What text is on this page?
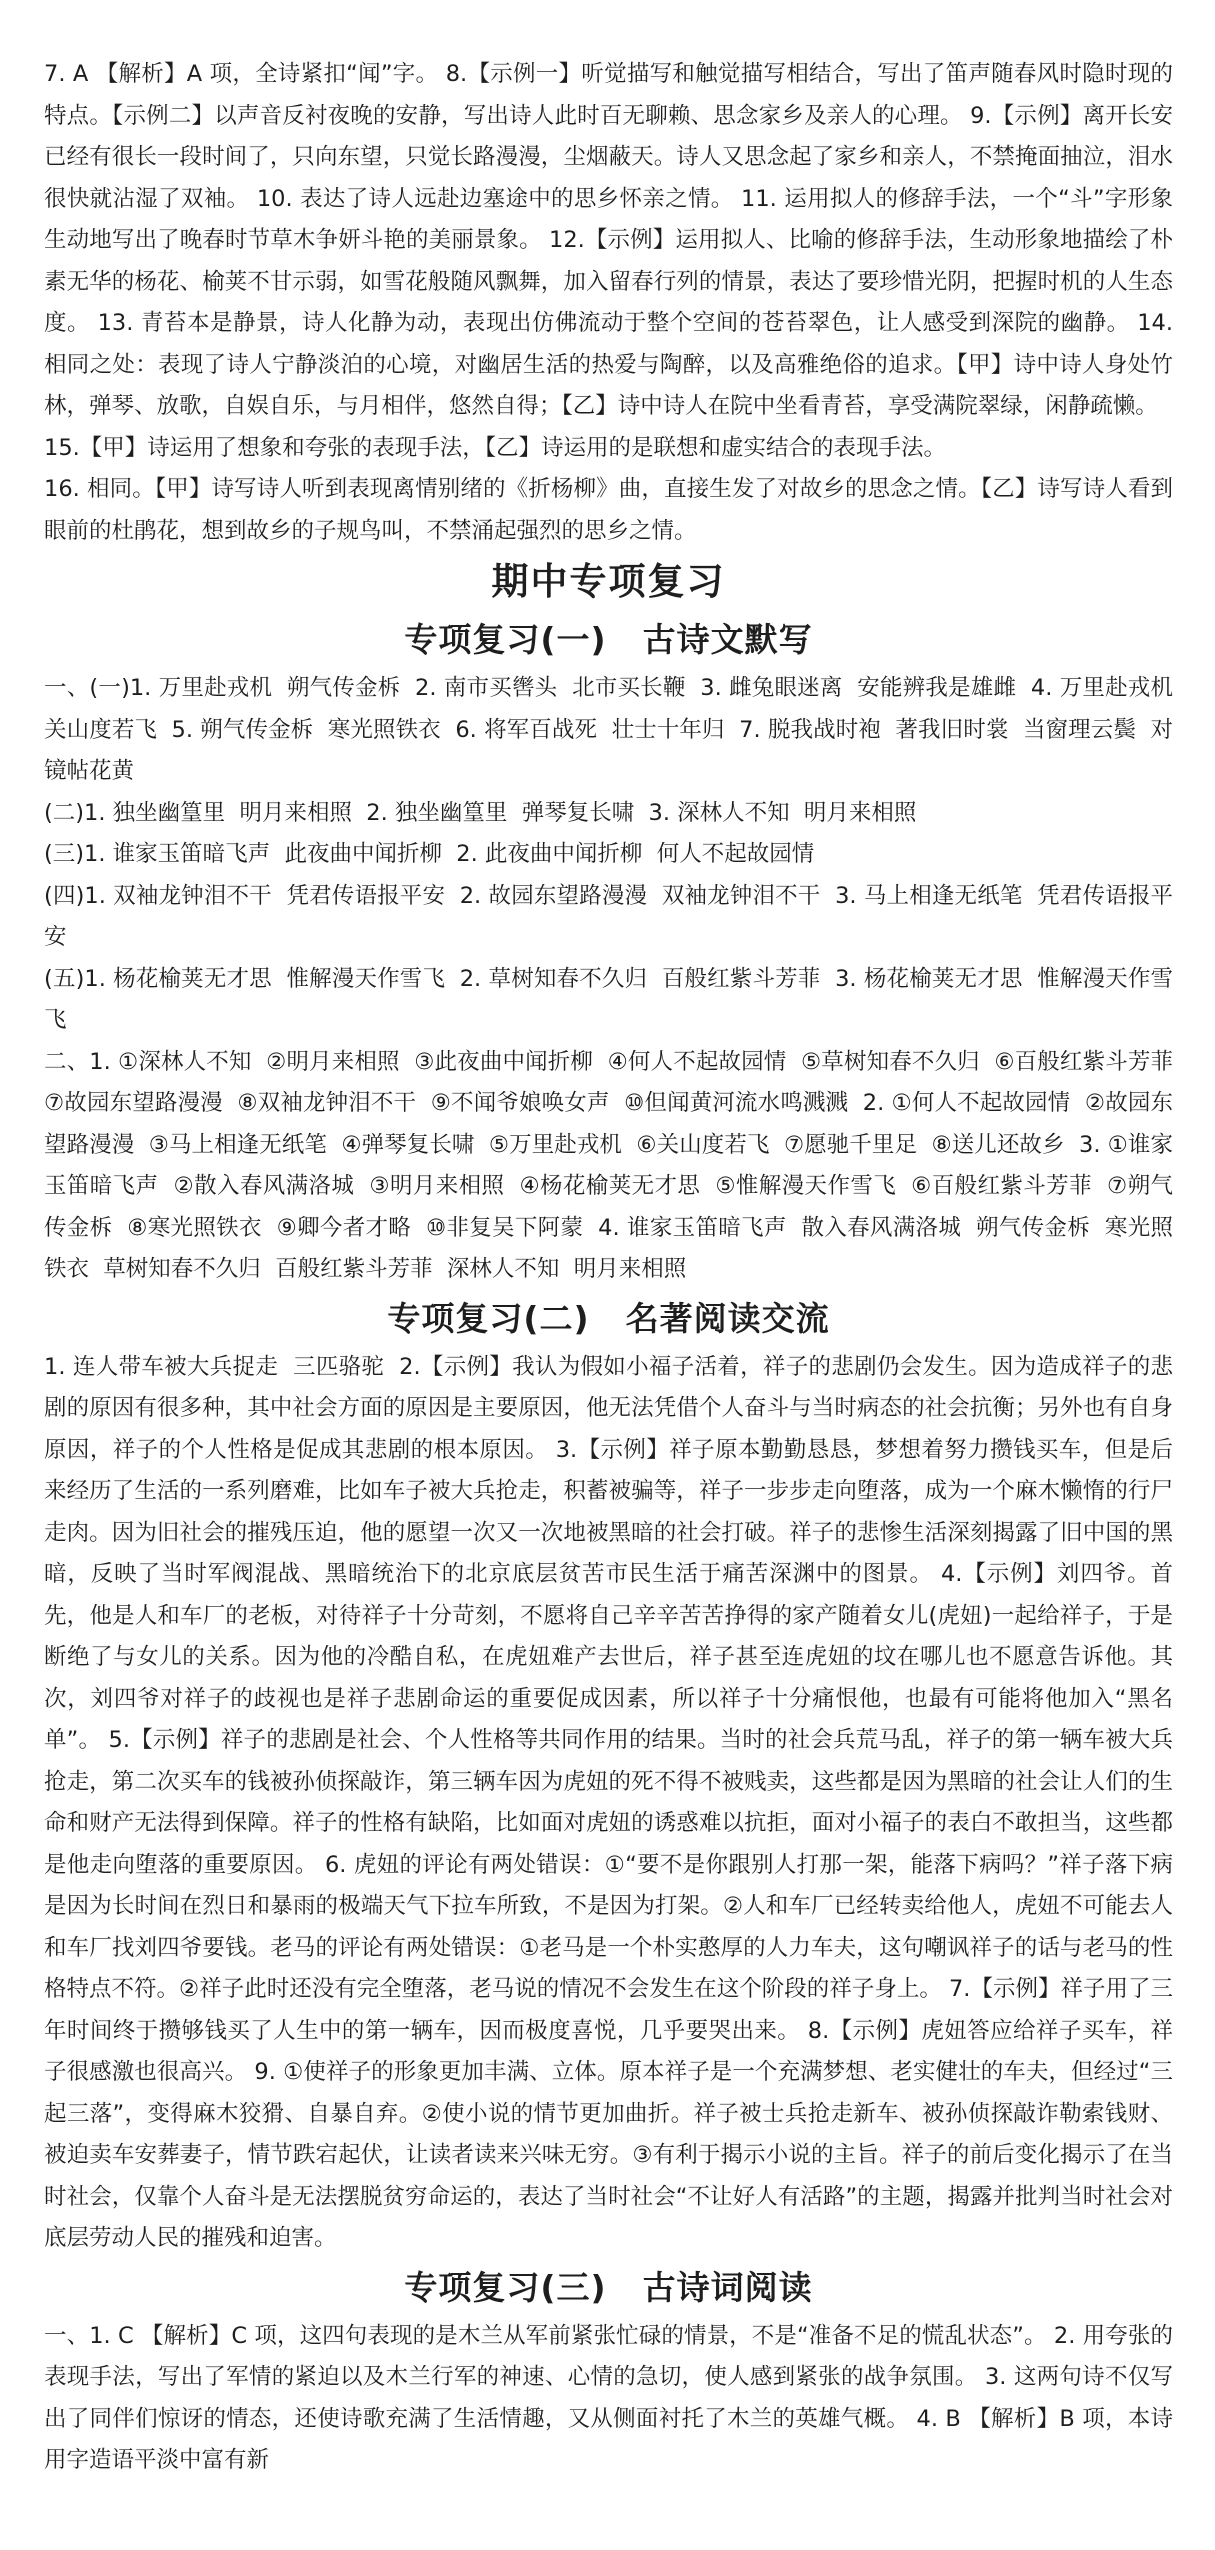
7. A 【解析】A 项，全诗紧扣“闻”字。 8.【示例一】听觉描写和触觉描写相结合，写出了笛声随春风时隐时现的特点。【示例二】以声音反衬夜晚的安静，写出诗人此时百无聊赖、思念家乡及亲人的心理。 9.【示例】离开长安已经有很长一段时间了，只向东望，只觉长路漫漫，尘烟蔽天。诗人又思念起了家乡和亲人，不禁掩面抽泣，泪水很快就沾湿了双袖。 10. 表达了诗人远赴边塞途中的思乡怀亲之情。 11. 运用拟人的修辞手法，一个“斗”字形象生动地写出了晚春时节草木争妍斗艳的美丽景象。 12.【示例】运用拟人、比喻的修辞手法，生动形象地描绘了朴素无华的杨花、榆荚不甘示弱，如雪花般随风飘舞，加入留春行列的情景，表达了要珍惜光阴，把握时机的人生态度。 13. 青苔本是静景，诗人化静为动，表现出仿佛流动于整个空间的苍苔翠色，让人感受到深院的幽静。 14. 相同之处：表现了诗人宁静淡泊的心境，对幽居生活的热爱与陶醉，以及高雅绝俗的追求。【甲】诗中诗人身处竹林，弹琴、放歌，自娱自乐，与月相伴，悠然自得；【乙】诗中诗人在院中坐看青苔，享受满院翠绿，闲静疏懒。
15.【甲】诗运用了想象和夸张的表现手法，【乙】诗运用的是联想和虚实结合的表现手法。
16. 相同。【甲】诗写诗人听到表现离情别绪的《折杨柳》曲，直接生发了对故乡的思念之情。【乙】诗写诗人看到眼前的杜鹃花，想到故乡的子规鸟叫，不禁涌起强烈的思乡之情。
期中专项复习
专项复习(一) 古诗文默写
一、(一)1. 万里赴戎机  朔气传金柝  2. 南市买辔头  北市买长鞭  3. 雌兔眼迷离  安能辨我是雄雌  4. 万里赴戎机  关山度若飞  5. 朔气传金柝  寒光照铁衣  6. 将军百战死  壮士十年归  7. 脱我战时袍  著我旧时裳  当窗理云鬓  对镜帖花黄
(二)1. 独坐幽篁里  明月来相照  2. 独坐幽篁里  弹琴复长啸  3. 深林人不知  明月来相照
(三)1. 谁家玉笛暗飞声  此夜曲中闻折柳  2. 此夜曲中闻折柳  何人不起故园情
(四)1. 双袖龙钟泪不干  凭君传语报平安  2. 故园东望路漫漫  双袖龙钟泪不干  3. 马上相逢无纸笔  凭君传语报平安
(五)1. 杨花榆荚无才思  惟解漫天作雪飞  2. 草树知春不久归  百般红紫斗芳菲  3. 杨花榆荚无才思  惟解漫天作雪飞
二、1. ①深林人不知  ②明月来相照  ③此夜曲中闻折柳  ④何人不起故园情  ⑤草树知春不久归  ⑥百般红紫斗芳菲  ⑦故园东望路漫漫  ⑧双袖龙钟泪不干  ⑨不闻爷娘唤女声  ⑩但闻黄河流水鸣溅溅  2. ①何人不起故园情  ②故园东望路漫漫  ③马上相逢无纸笔  ④弹琴复长啸  ⑤万里赴戎机  ⑥关山度若飞  ⑦愿驰千里足  ⑧送儿还故乡  3. ①谁家玉笛暗飞声  ②散入春风满洛城  ③明月来相照  ④杨花榆荚无才思  ⑤惟解漫天作雪飞  ⑥百般红紫斗芳菲  ⑦朔气传金柝  ⑧寒光照铁衣  ⑨卿今者才略  ⑩非复吴下阿蒙  4. 谁家玉笛暗飞声  散入春风满洛城  朔气传金柝  寒光照铁衣  草树知春不久归  百般红紫斗芳菲  深林人不知  明月来相照
专项复习(二) 名著阅读交流
1. 连人带车被大兵捉走  三匹骆驼  2.【示例】我认为假如小福子活着，祥子的悲剧仍会发生。因为造成祥子的悲剧的原因有很多种，其中社会方面的原因是主要原因，他无法凭借个人奋斗与当时病态的社会抗衡；另外也有自身原因，祥子的个人性格是促成其悲剧的根本原因。 3.【示例】祥子原本勤勤恳恳，梦想着努力攒钱买车，但是后来经历了生活的一系列磨难，比如车子被大兵抢走，积蓄被骗等，祥子一步步走向堕落，成为一个麻木懒惰的行尸走肉。因为旧社会的摧残压迫，他的愿望一次又一次地被黑暗的社会打破。祥子的悲惨生活深刻揭露了旧中国的黑暗，反映了当时军阀混战、黑暗统治下的北京底层贫苦市民生活于痛苦深渊中的图景。 4.【示例】刘四爷。首先，他是人和车厂的老板，对待祥子十分苛刻，不愿将自己辛辛苦苦挣得的家产随着女儿(虎妞)一起给祥子，于是断绝了与女儿的关系。因为他的冷酷自私，在虎妞难产去世后，祥子甚至连虎妞的坟在哪儿也不愿意告诉他。其次，刘四爷对祥子的歧视也是祥子悲剧命运的重要促成因素，所以祥子十分痛恨他，也最有可能将他加入“黑名单”。 5.【示例】祥子的悲剧是社会、个人性格等共同作用的结果。当时的社会兵荒马乱，祥子的第一辆车被大兵抢走，第二次买车的钱被孙侦探敲诈，第三辆车因为虎妞的死不得不被贱卖，这些都是因为黑暗的社会让人们的生命和财产无法得到保障。祥子的性格有缺陷，比如面对虎妞的诱惑难以抗拒，面对小福子的表白不敢担当，这些都是他走向堕落的重要原因。 6. 虎妞的评论有两处错误：①“要不是你跟别人打那一架，能落下病吗？”祥子落下病是因为长时间在烈日和暴雨的极端天气下拉车所致，不是因为打架。②人和车厂已经转卖给他人，虎妞不可能去人和车厂找刘四爷要钱。老马的评论有两处错误：①老马是一个朴实憨厚的人力车夫，这句嘲讽祥子的话与老马的性格特点不符。②祥子此时还没有完全堕落，老马说的情况不会发生在这个阶段的祥子身上。 7.【示例】祥子用了三年时间终于攒够钱买了人生中的第一辆车，因而极度喜悦，几乎要哭出来。 8.【示例】虎妞答应给祥子买车，祥子很感激也很高兴。 9. ①使祥子的形象更加丰满、立体。原本祥子是一个充满梦想、老实健壮的车夫，但经过“三起三落”，变得麻木狡猾、自暴自弃。②使小说的情节更加曲折。祥子被士兵抢走新车、被孙侦探敲诈勒索钱财、被迫卖车安葬妻子，情节跌宕起伏，让读者读来兴味无穷。③有利于揭示小说的主旨。祥子的前后变化揭示了在当时社会，仅靠个人奋斗是无法摆脱贫穷命运的，表达了当时社会“不让好人有活路”的主题，揭露并批判当时社会对底层劳动人民的摧残和迫害。
专项复习(三) 古诗词阅读
一、1. C 【解析】C 项，这四句表现的是木兰从军前紧张忙碌的情景，不是“准备不足的慌乱状态”。 2. 用夸张的表现手法，写出了军情的紧迫以及木兰行军的神速、心情的急切，使人感到紧张的战争氛围。 3. 这两句诗不仅写出了同伴们惊讶的情态，还使诗歌充满了生活情趣，又从侧面衬托了木兰的英雄气概。 4. B 【解析】B 项，本诗用字造语平淡中富有新
